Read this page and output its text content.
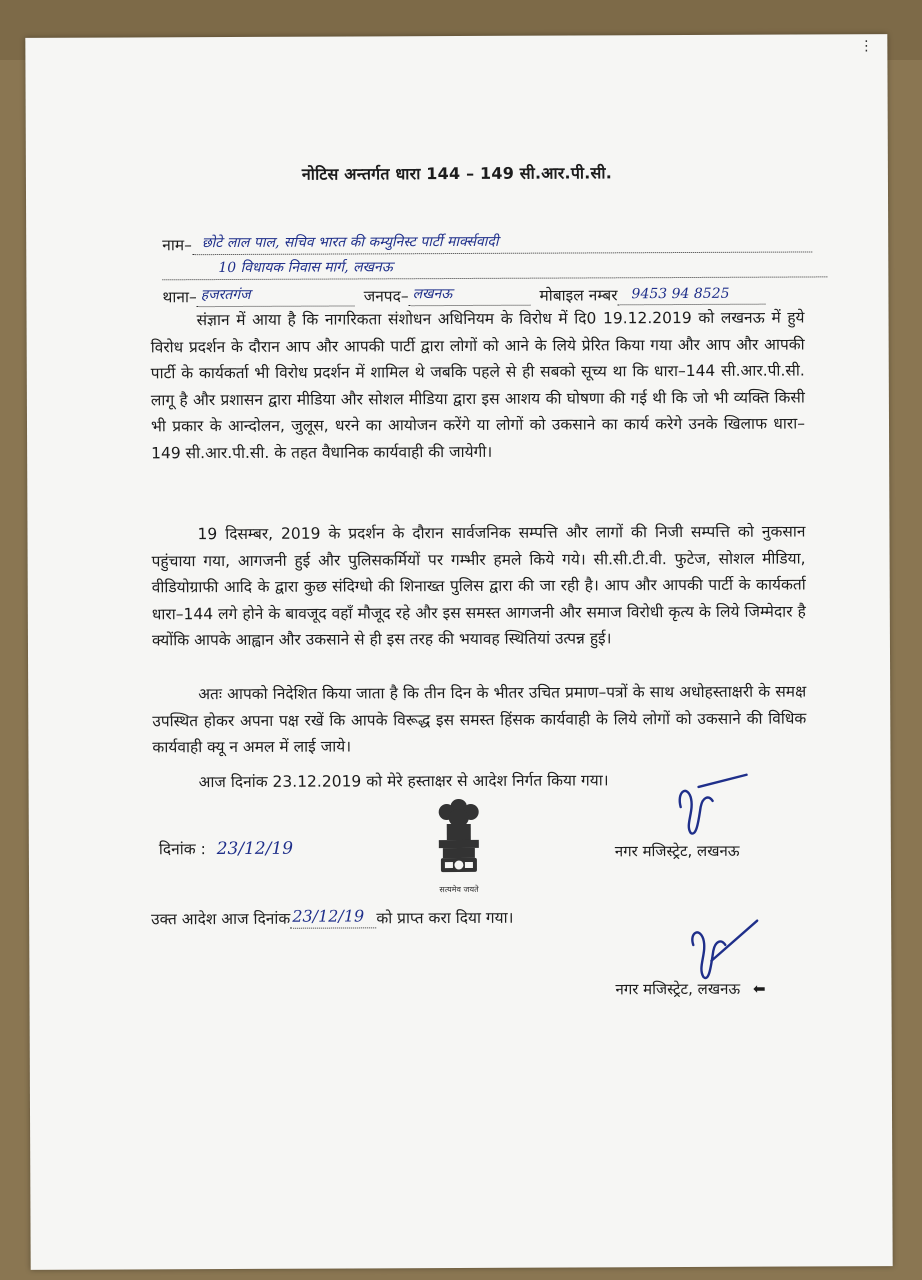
⋮
नोटिस अन्तर्गत धारा 144 – 149 सी.आर.पी.सी.
नाम– छोटे लाल पाल, सचिव भारत की कम्युनिस्ट पार्टी मार्क्सवादी
10 विधायक निवास मार्ग, लखनऊ
थाना– हजरतगंज	जनपद– लखनऊ	मोबाइल नम्बर 9453 94 8525
संज्ञान में आया है कि नागरिकता संशोधन अधिनियम के विरोध में दि0 19.12.2019 को लखनऊ में हुये विरोध प्रदर्शन के दौरान आप और आपकी पार्टी द्वारा लोगों को आने के लिये प्रेरित किया गया और आप और आपकी पार्टी के कार्यकर्ता भी विरोध प्रदर्शन में शामिल थे जबकि पहले से ही सबको सूच्य था कि धारा–144 सी.आर.पी.सी. लागू है और प्रशासन द्वारा मीडिया और सोशल मीडिया द्वारा इस आशय की घोषणा की गई थी कि जो भी व्यक्ति किसी भी प्रकार के आन्दोलन, जुलूस, धरने का आयोजन करेंगे या लोगों को उकसाने का कार्य करेगे उनके खिलाफ धारा–149 सी.आर.पी.सी. के तहत वैधानिक कार्यवाही की जायेगी।
19 दिसम्बर, 2019 के प्रदर्शन के दौरान सार्वजनिक सम्पत्ति और लागों की निजी सम्पत्ति को नुकसान पहुंचाया गया, आगजनी हुई और पुलिसकर्मियों पर गम्भीर हमले किये गये। सी.सी.टी.वी. फुटेज, सोशल मीडिया, वीडियोग्राफी आदि के द्वारा कुछ संदिग्धो की शिनाख्त पुलिस द्वारा की जा रही है। आप और आपकी पार्टी के कार्यकर्ता धारा–144 लगे होने के बावजूद वहाँ मौजूद रहे और इस समस्त आगजनी और समाज विरोधी कृत्य के लिये जिम्मेदार है क्योंकि आपके आह्वान और उकसाने से ही इस तरह की भयावह स्थितियां उत्पन्न हुई।
अतः आपको निदेशित किया जाता है कि तीन दिन के भीतर उचित प्रमाण–पत्रों के साथ अधोहस्ताक्षरी के समक्ष उपस्थित होकर अपना पक्ष रखें कि आपके विरूद्ध इस समस्त हिंसक कार्यवाही के लिये लोगों को उकसाने की विधिक कार्यवाही क्यू न अमल में लाई जाये।
आज दिनांक 23.12.2019 को मेरे हस्ताक्षर से आदेश निर्गत किया गया।
दिनांक : 23/12/19
सत्यमेव जयते
नगर मजिस्ट्रेट, लखनऊ
उक्त आदेश आज दिनांक 23/12/19 को प्राप्त करा दिया गया।
नगर मजिस्ट्रेट, लखनऊ ⬅
